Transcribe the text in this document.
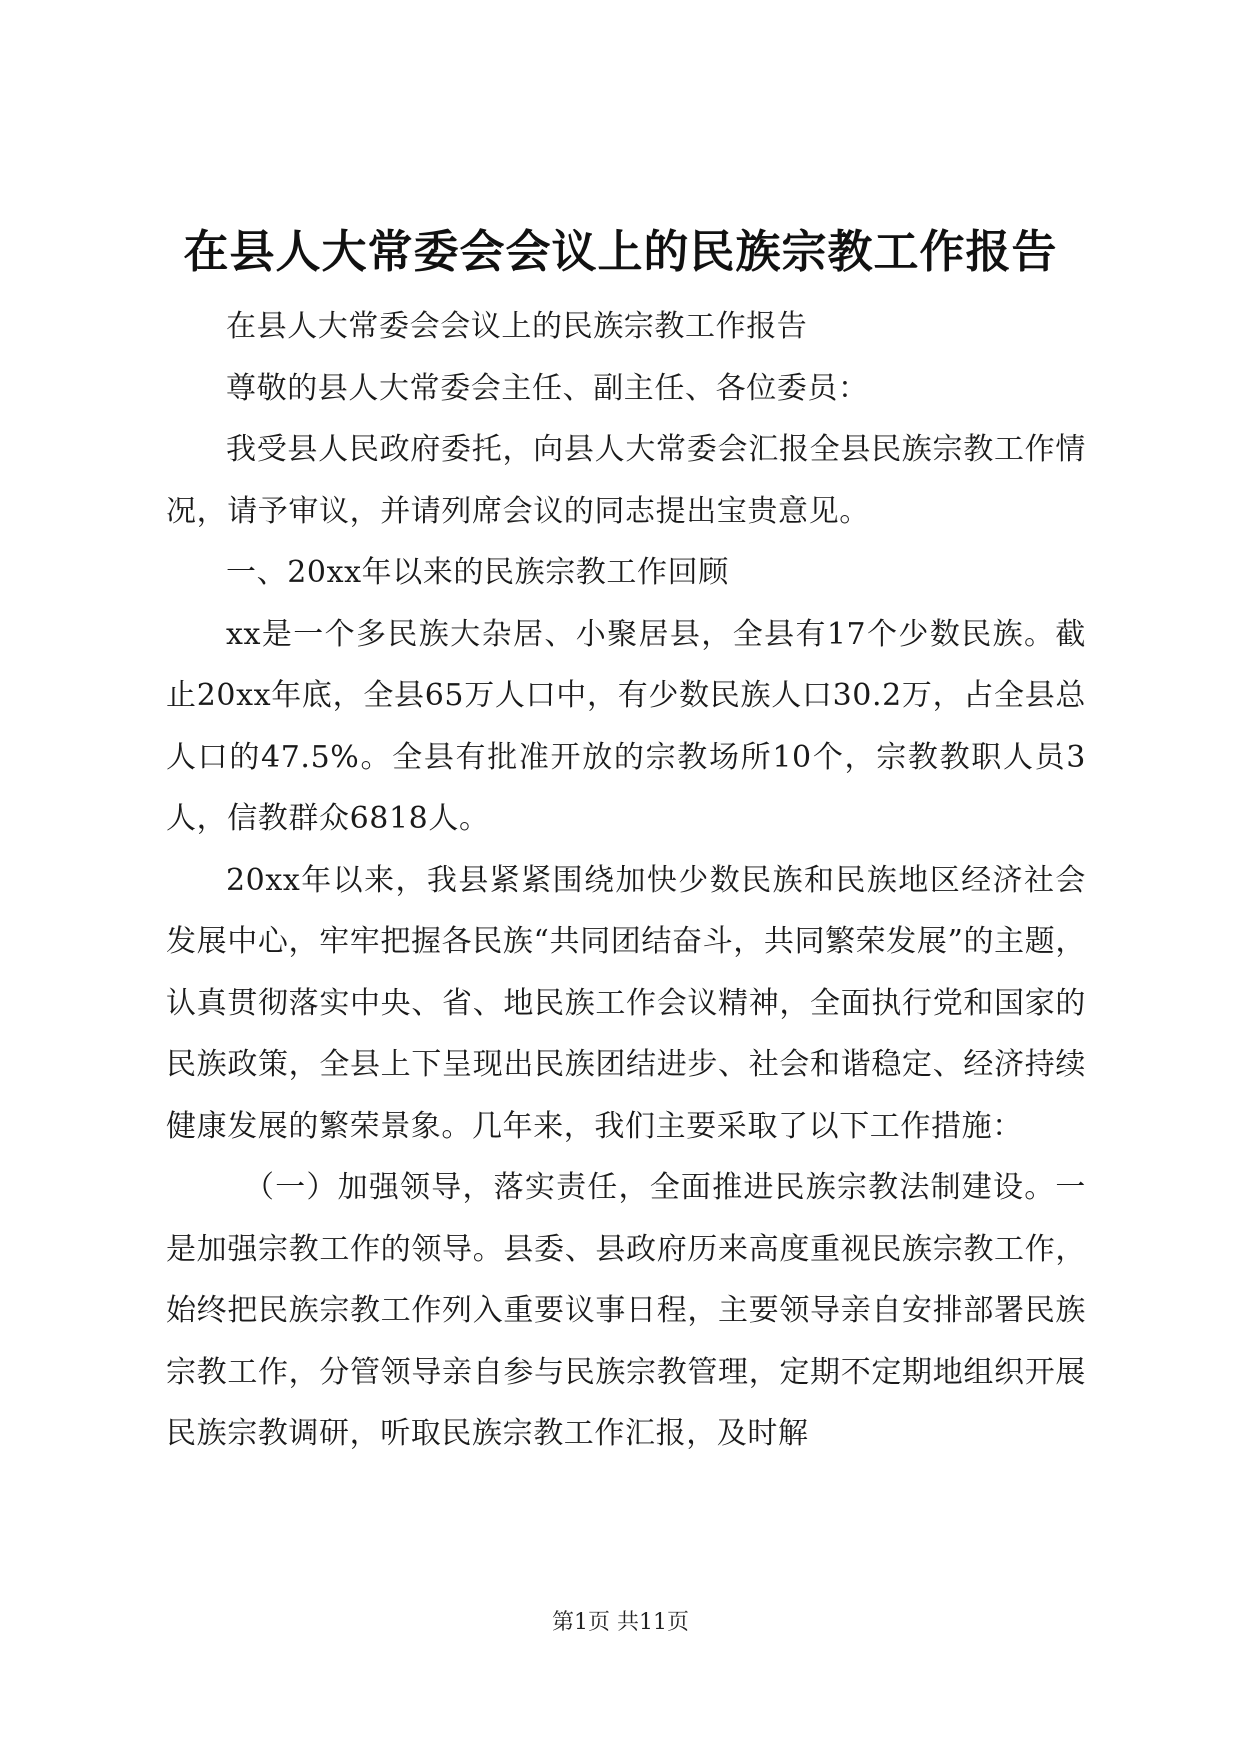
在县人大常委会会议上的民族宗教工作报告

在县人大常委会会议上的民族宗教工作报告

尊敬的县人大常委会主任、副主任、各位委员：

我受县人民政府委托，向县人大常委会汇报全县民族宗教工作情况，请予审议，并请列席会议的同志提出宝贵意见。

一、20xx年以来的民族宗教工作回顾

xx是一个多民族大杂居、小聚居县，全县有17个少数民族。截止20xx年底，全县65万人口中，有少数民族人口30.2万，占全县总人口的47.5%。全县有批准开放的宗教场所10个，宗教教职人员3人，信教群众6818人。

20xx年以来，我县紧紧围绕加快少数民族和民族地区经济社会发展中心，牢牢把握各民族“共同团结奋斗，共同繁荣发展”的主题，认真贯彻落实中央、省、地民族工作会议精神，全面执行党和国家的民族政策，全县上下呈现出民族团结进步、社会和谐稳定、经济持续健康发展的繁荣景象。几年来，我们主要采取了以下工作措施：

（一）加强领导，落实责任，全面推进民族宗教法制建设。一是加强宗教工作的领导。县委、县政府历来高度重视民族宗教工作，始终把民族宗教工作列入重要议事日程，主要领导亲自安排部署民族宗教工作，分管领导亲自参与民族宗教管理，定期不定期地组织开展民族宗教调研，听取民族宗教工作汇报，及时解

第1页 共11页
